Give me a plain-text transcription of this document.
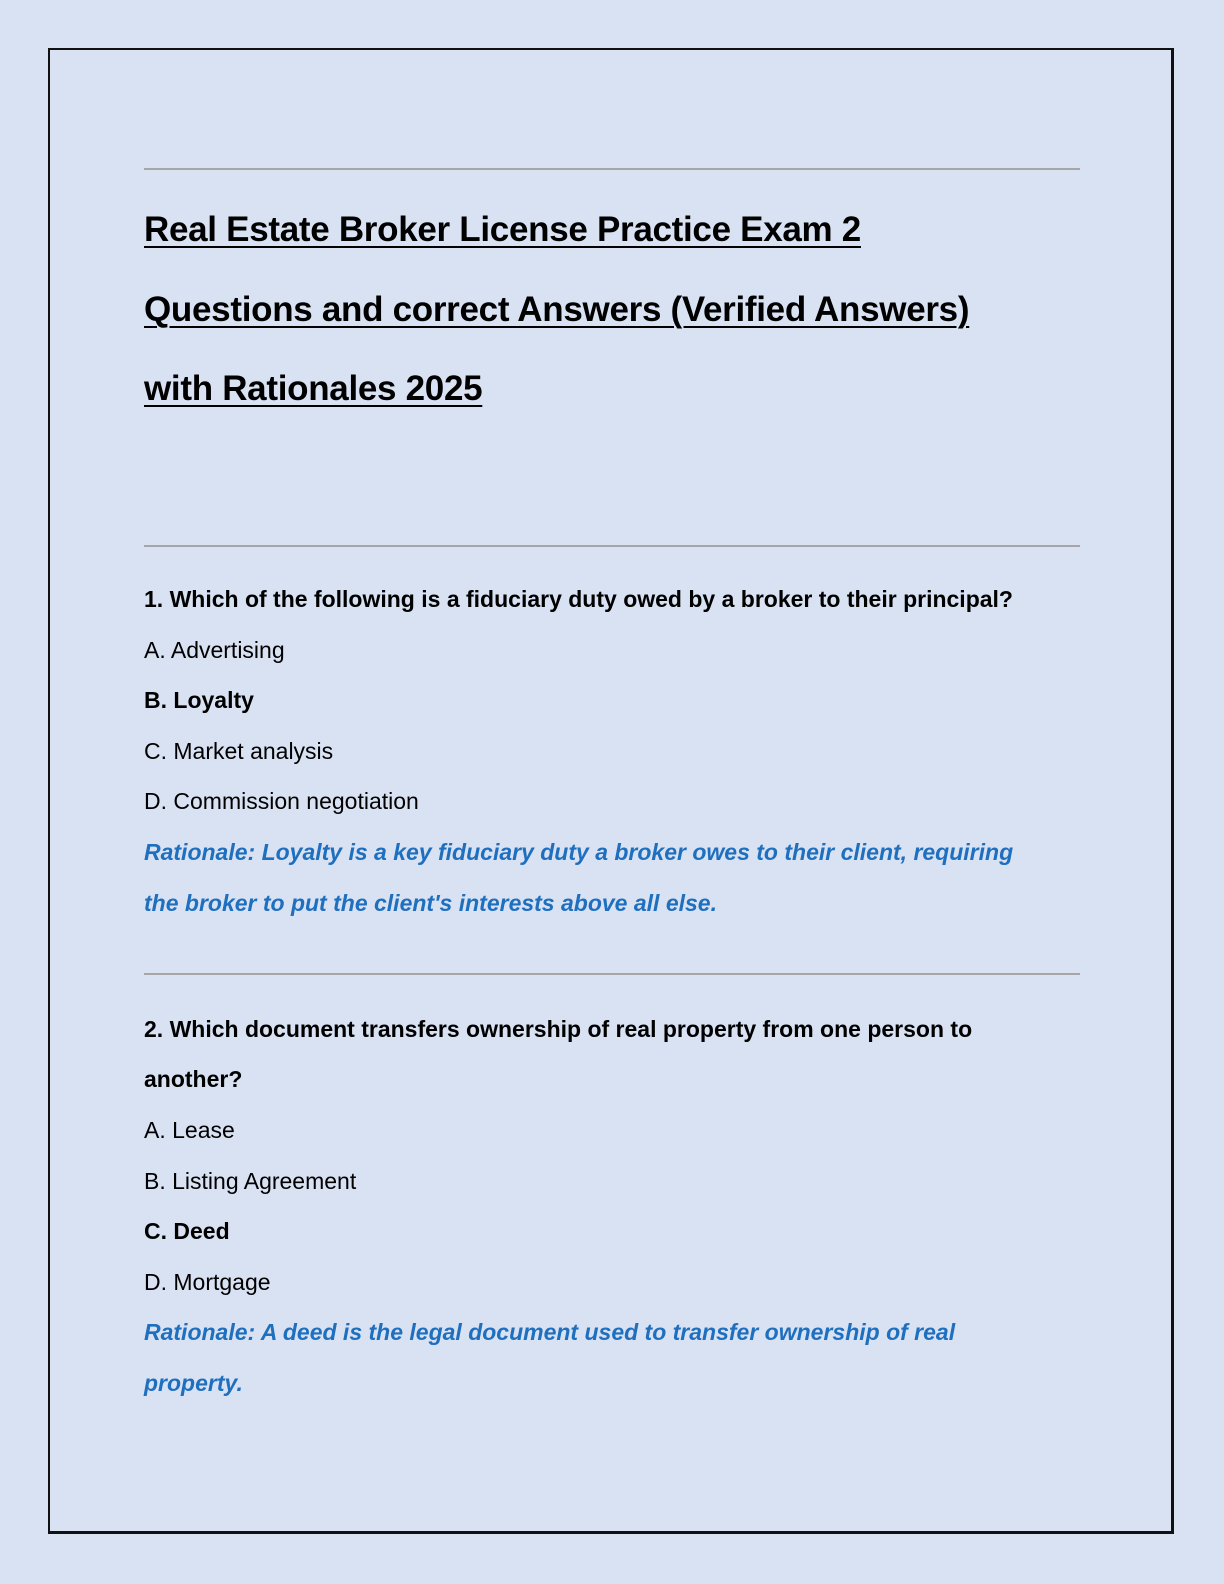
Real Estate Broker License Practice Exam 2
Questions and correct Answers (Verified Answers)
with Rationales 2025
1. Which of the following is a fiduciary duty owed by a broker to their principal?
A. Advertising
B. Loyalty
C. Market analysis
D. Commission negotiation
Rationale: Loyalty is a key fiduciary duty a broker owes to their client, requiring
the broker to put the client's interests above all else.
2. Which document transfers ownership of real property from one person to
another?
A. Lease
B. Listing Agreement
C. Deed
D. Mortgage
Rationale: A deed is the legal document used to transfer ownership of real
property.
